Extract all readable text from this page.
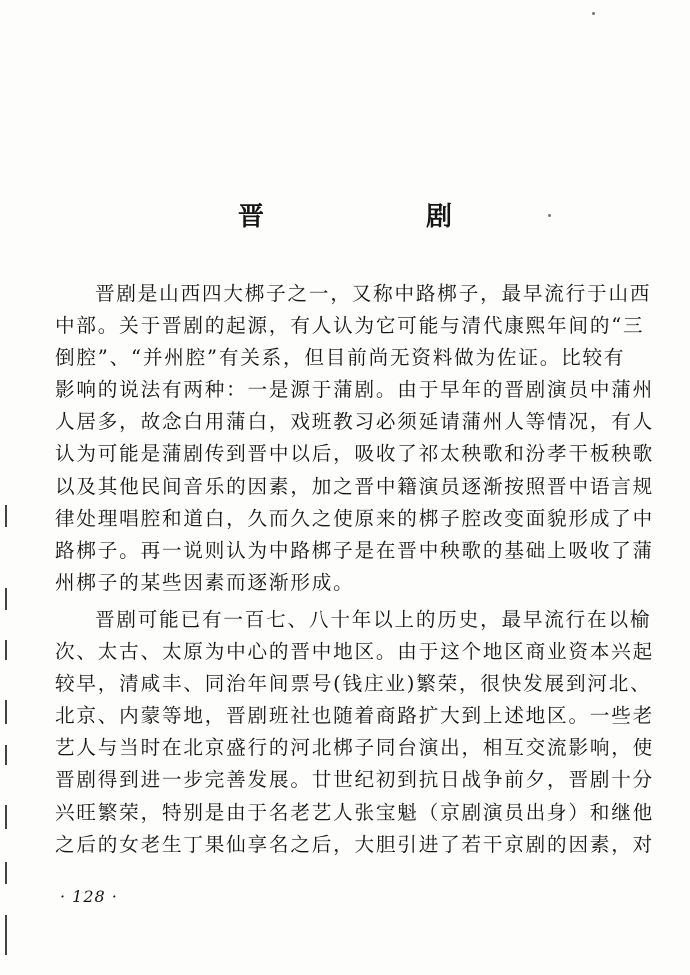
晋　剧
晋剧是山西四大梆子之一，又称中路梆子，最早流行于山西
中部。关于晋剧的起源，有人认为它可能与清代康熙年间的“三
倒腔”、“并州腔”有关系，但目前尚无资料做为佐证。比较有
影响的说法有两种：一是源于蒲剧。由于早年的晋剧演员中蒲州
人居多，故念白用蒲白，戏班教习必须延请蒲州人等情况，有人
认为可能是蒲剧传到晋中以后，吸收了祁太秧歌和汾孝干板秧歌
以及其他民间音乐的因素，加之晋中籍演员逐渐按照晋中语言规
律处理唱腔和道白，久而久之使原来的梆子腔改变面貌形成了中
路梆子。再一说则认为中路梆子是在晋中秧歌的基础上吸收了蒲
州梆子的某些因素而逐渐形成。
晋剧可能已有一百七、八十年以上的历史，最早流行在以榆
次、太古、太原为中心的晋中地区。由于这个地区商业资本兴起
较早，清咸丰、同治年间票号(钱庄业)繁荣，很快发展到河北、
北京、内蒙等地，晋剧班社也随着商路扩大到上述地区。一些老
艺人与当时在北京盛行的河北梆子同台演出，相互交流影响，使
晋剧得到进一步完善发展。廿世纪初到抗日战争前夕，晋剧十分
兴旺繁荣，特别是由于名老艺人张宝魁（京剧演员出身）和继他
之后的女老生丁果仙享名之后，大胆引进了若干京剧的因素，对
· 128 ·
